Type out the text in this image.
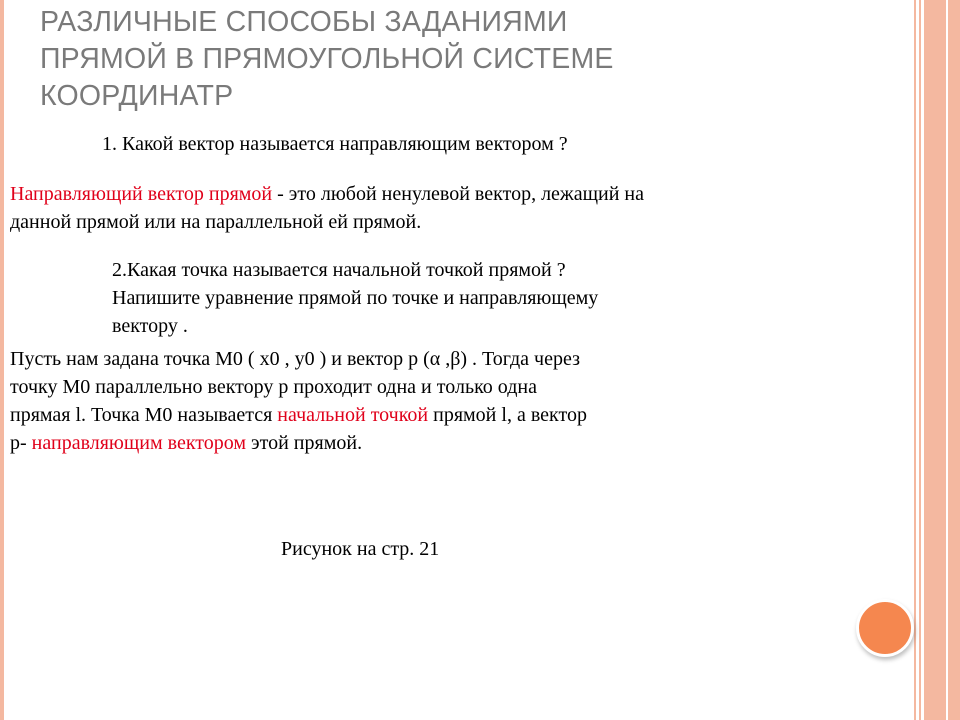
РАЗЛИЧНЫЕ СПОСОБЫ ЗАДАНИЯМИ
ПРЯМОЙ В ПРЯМОУГОЛЬНОЙ СИСТЕМЕ
КООРДИНАТР
1. Какой вектор называется направляющим вектором ?
Направляющий вектор прямой - это любой ненулевой вектор, лежащий на
данной прямой или на параллельной ей прямой.
2.Какая точка называется начальной точкой прямой ?
Напишите уравнение прямой по точке и направляющему
вектору .
Пусть нам задана точка М0 ( х0 , у0 ) и вектор р (α ,β) . Тогда через
точку М0 параллельно вектору р проходит одна и только одна
прямая l. Точка М0 называется начальной точкой прямой l, а вектор
р- направляющим вектором этой прямой.
Рисунок на стр. 21
